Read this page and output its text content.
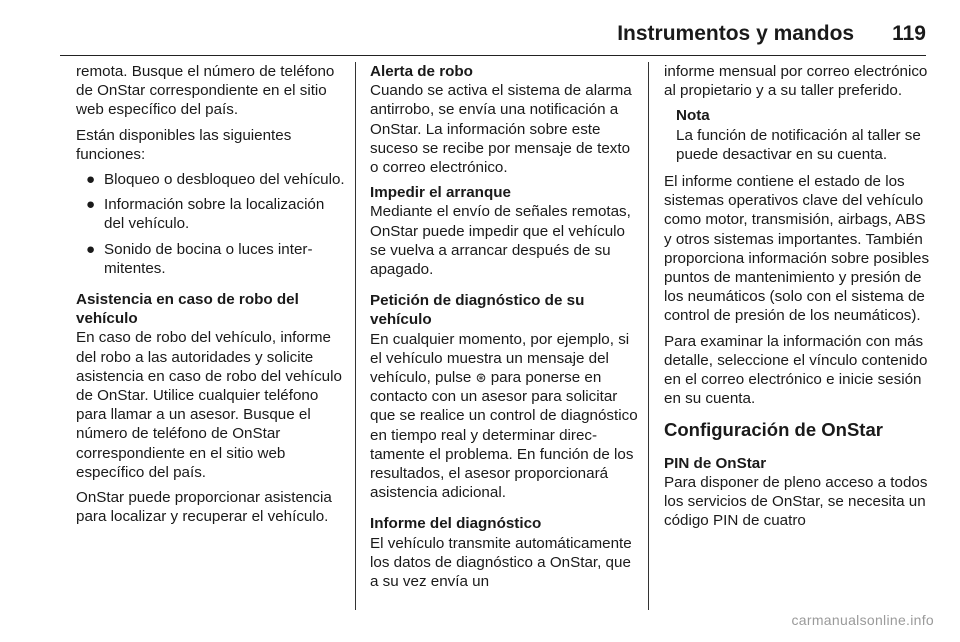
Instrumentos y mandos 119

remota. Busque el número de teléfono de OnStar correspondiente en el sitio web específico del país.

Están disponibles las siguientes funciones:

● Bloqueo o desbloqueo del vehículo.
● Información sobre la localización del vehículo.
● Sonido de bocina o luces intermitentes.

Asistencia en caso de robo del vehículo

En caso de robo del vehículo, informe del robo a las autoridades y solicite asistencia en caso de robo del vehículo de OnStar. Utilice cualquier teléfono para llamar a un asesor. Busque el número de teléfono de OnStar correspondiente en el sitio web específico del país.

OnStar puede proporcionar asistencia para localizar y recuperar el vehículo.

Alerta de robo

Cuando se activa el sistema de alarma antirrobo, se envía una notificación a OnStar. La información sobre este suceso se recibe por mensaje de texto o correo electrónico.

Impedir el arranque

Mediante el envío de señales remotas, OnStar puede impedir que el vehículo se vuelva a arrancar después de su apagado.

Petición de diagnóstico de su vehículo

En cualquier momento, por ejemplo, si el vehículo muestra un mensaje del vehículo, pulse ⊛ para ponerse en contacto con un asesor para solicitar que se realice un control de diagnóstico en tiempo real y determinar directamente el problema. En función de los resultados, el asesor proporcionará asistencia adicional.

Informe del diagnóstico

El vehículo transmite automáticamente los datos de diagnóstico a OnStar, que a su vez envía un

informe mensual por correo electrónico al propietario y a su taller preferido.

Nota
La función de notificación al taller se puede desactivar en su cuenta.

El informe contiene el estado de los sistemas operativos clave del vehículo como motor, transmisión, airbags, ABS y otros sistemas importantes. También proporciona información sobre posibles puntos de mantenimiento y presión de los neumáticos (solo con el sistema de control de presión de los neumáticos).

Para examinar la información con más detalle, seleccione el vínculo contenido en el correo electrónico e inicie sesión en su cuenta.

Configuración de OnStar

PIN de OnStar

Para disponer de pleno acceso a todos los servicios de OnStar, se necesita un código PIN de cuatro

carmanualsonline.info
